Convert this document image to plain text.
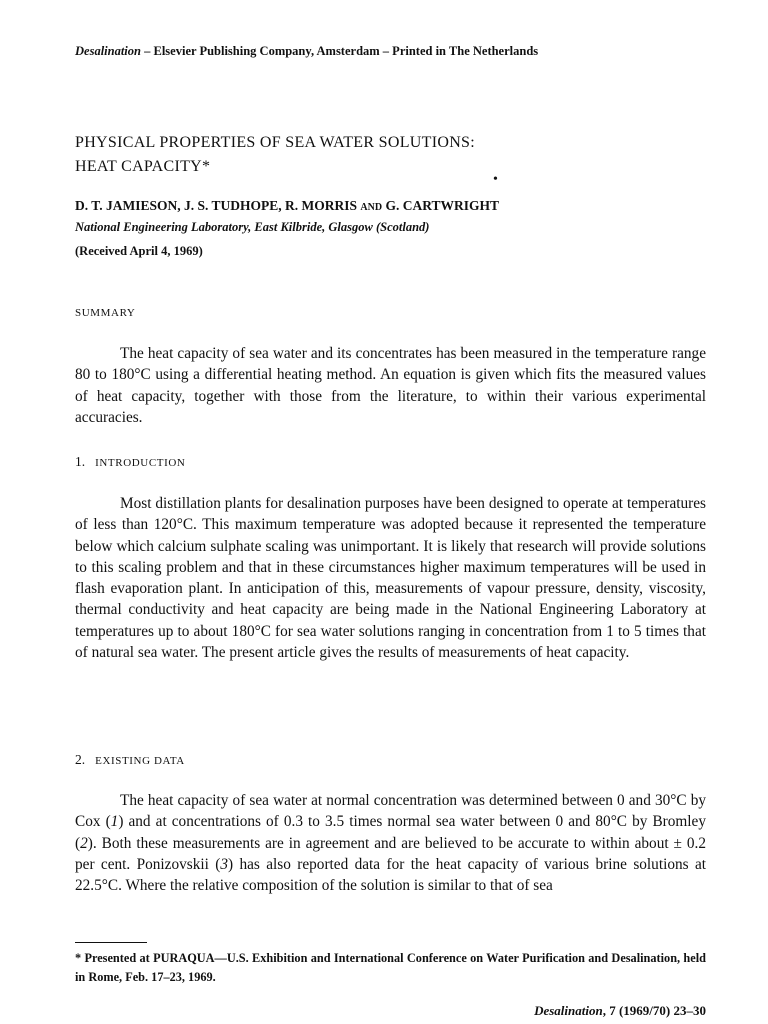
Desalination – Elsevier Publishing Company, Amsterdam – Printed in The Netherlands
PHYSICAL PROPERTIES OF SEA WATER SOLUTIONS:
HEAT CAPACITY*
•
D. T. JAMIESON, J. S. TUDHOPE, R. MORRIS AND G. CARTWRIGHT
National Engineering Laboratory, East Kilbride, Glasgow (Scotland)
(Received April 4, 1969)
SUMMARY

The heat capacity of sea water and its concentrates has been measured in the temperature range 80 to 180°C using a differential heating method. An equation is given which fits the measured values of heat capacity, together with those from the literature, to within their various experimental accuracies.

1. INTRODUCTION

Most distillation plants for desalination purposes have been designed to operate at temperatures of less than 120°C. This maximum temperature was adopted because it represented the temperature below which calcium sulphate scaling was unimportant. It is likely that research will provide solutions to this scaling problem and that in these circumstances higher maximum temperatures will be used in flash evaporation plant. In anticipation of this, measurements of vapour pressure, density, viscosity, thermal conductivity and heat capacity are being made in the National Engineering Laboratory at temperatures up to about 180°C for sea water solutions ranging in concentration from 1 to 5 times that of natural sea water. The present article gives the results of measurements of heat capacity.

2. EXISTING DATA

The heat capacity of sea water at normal concentration was determined between 0 and 30°C by Cox (1) and at concentrations of 0.3 to 3.5 times normal sea water between 0 and 80°C by Bromley (2). Both these measurements are in agreement and are believed to be accurate to within about ± 0.2 per cent. Ponizovskii (3) has also reported data for the heat capacity of various brine solutions at 22.5°C. Where the relative composition of the solution is similar to that of sea

* Presented at PURAQUA—U.S. Exhibition and International Conference on Water Purification and Desalination, held in Rome, Feb. 17–23, 1969.

Desalination, 7 (1969/70) 23–30
